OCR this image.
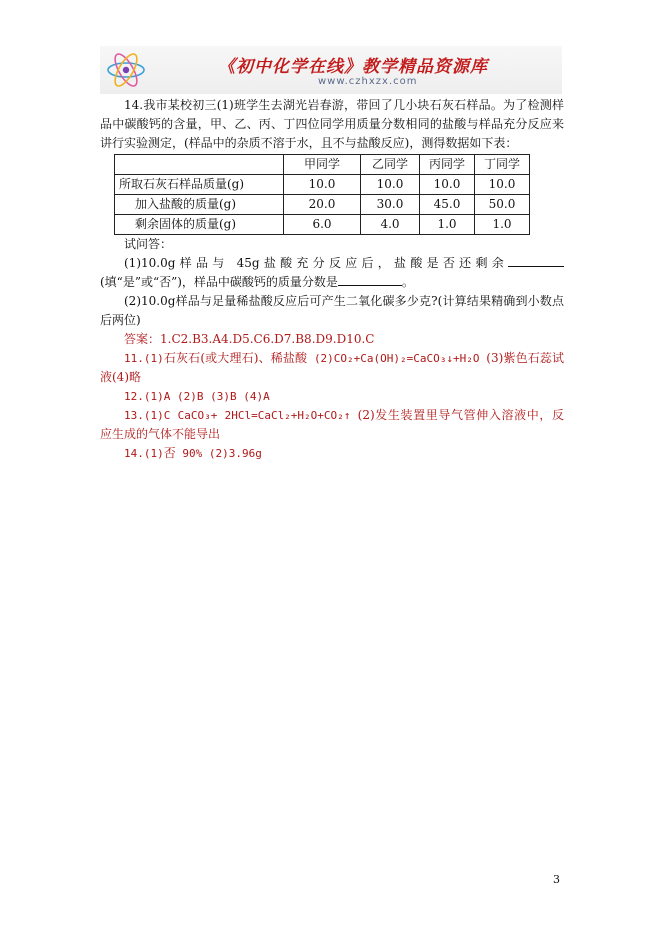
《初中化学在线》教学精品资源库
www.czhxzx.com

14.我市某校初三(1)班学生去湖光岩春游，带回了几小块石灰石样品。为了检测样品中碳酸钙的含量，甲、乙、丙、丁四位同学用质量分数相同的盐酸与样品充分反应来讲行实验测定，(样品中的杂质不溶于水，且不与盐酸反应)，测得数据如下表：

	甲同学	乙同学	丙同学	丁同学
所取石灰石样品质量(g)	10.0	10.0	10.0	10.0
加入盐酸的质量(g)	20.0	30.0	45.0	50.0
剩余固体的质量(g)	6.0	4.0	1.0	1.0

试问答：

(1)10.0g样品与 45g盐酸充分反应后，盐酸是否还剩余(填“是”或“否”)，样品中碳酸钙的质量分数是	。

(2)10.0g样品与足量稀盐酸反应后可产生二氧化碳多少克?(计算结果精确到小数点后两位)

答案：1.C2.B3.A4.D5.C6.D7.B8.D9.D10.C

11.(1)石灰石(或大理石)、稀盐酸 (2)CO₂+Ca(OH)₂=CaCO₃↓+H₂O (3)紫色石蕊试液(4)略

12.(1)A (2)B (3)B (4)A

13.(1)C CaCO₃+ 2HCl=CaCl₂+H₂O+CO₂↑ (2)发生装置里导气管伸入溶液中，反应生成的气体不能导出

14.(1)否 90% (2)3.96g

3
